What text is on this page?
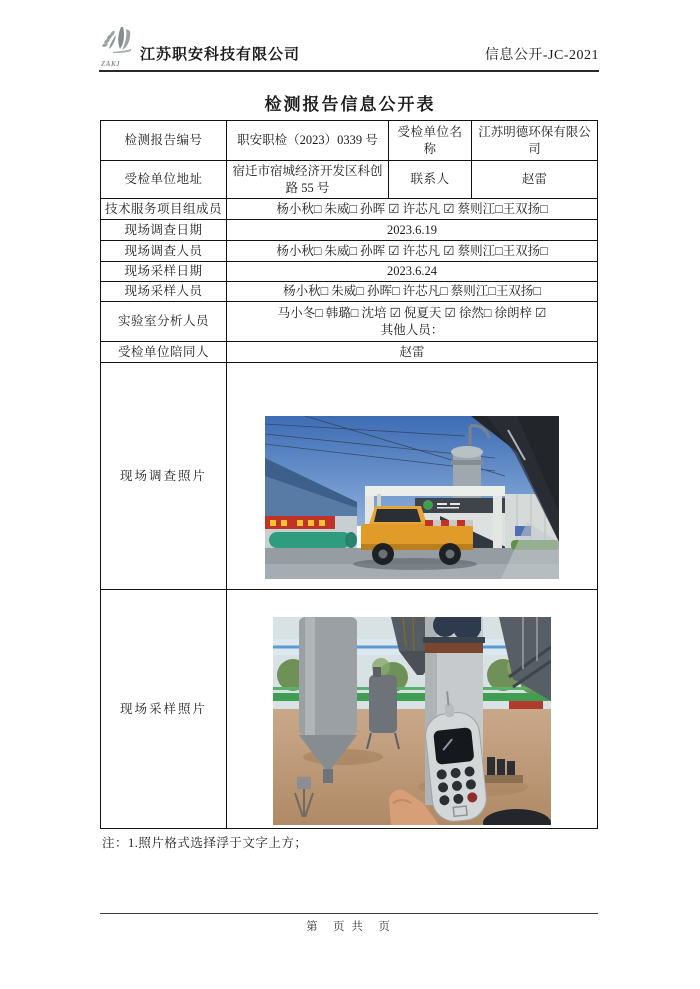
ZAKJ
江苏职安科技有限公司	信息公开-JC-2021
检测报告信息公开表
检测报告编号	职安职检（2023）0339 号	受检单位名称	江苏明德环保有限公司
受检单位地址	宿迁市宿城经济开发区科创路 55 号	联系人	赵雷
技术服务项目组成员	杨小秋□ 朱威□ 孙晖 ☑ 许芯凡 ☑ 蔡则江□王双扬□		
现场调查日期	2023.6.19		
现场调查人员	杨小秋□ 朱威□ 孙晖 ☑ 许芯凡 ☑ 蔡则江□王双扬□		
现场采样日期	2023.6.24		
现场采样人员	杨小秋□ 朱威□ 孙晖□ 许芯凡□ 蔡则江□王双扬□		
实验室分析人员	马小冬□ 韩璐□ 沈培 ☑ 倪夏天 ☑ 徐然□ 徐朗梓 ☑
其他人员：		

受检单位陪同人	赵雷		
现场调查照片	

现场采样照片	
注：1.照片格式选择浮于文字上方；
第　页 共　页
